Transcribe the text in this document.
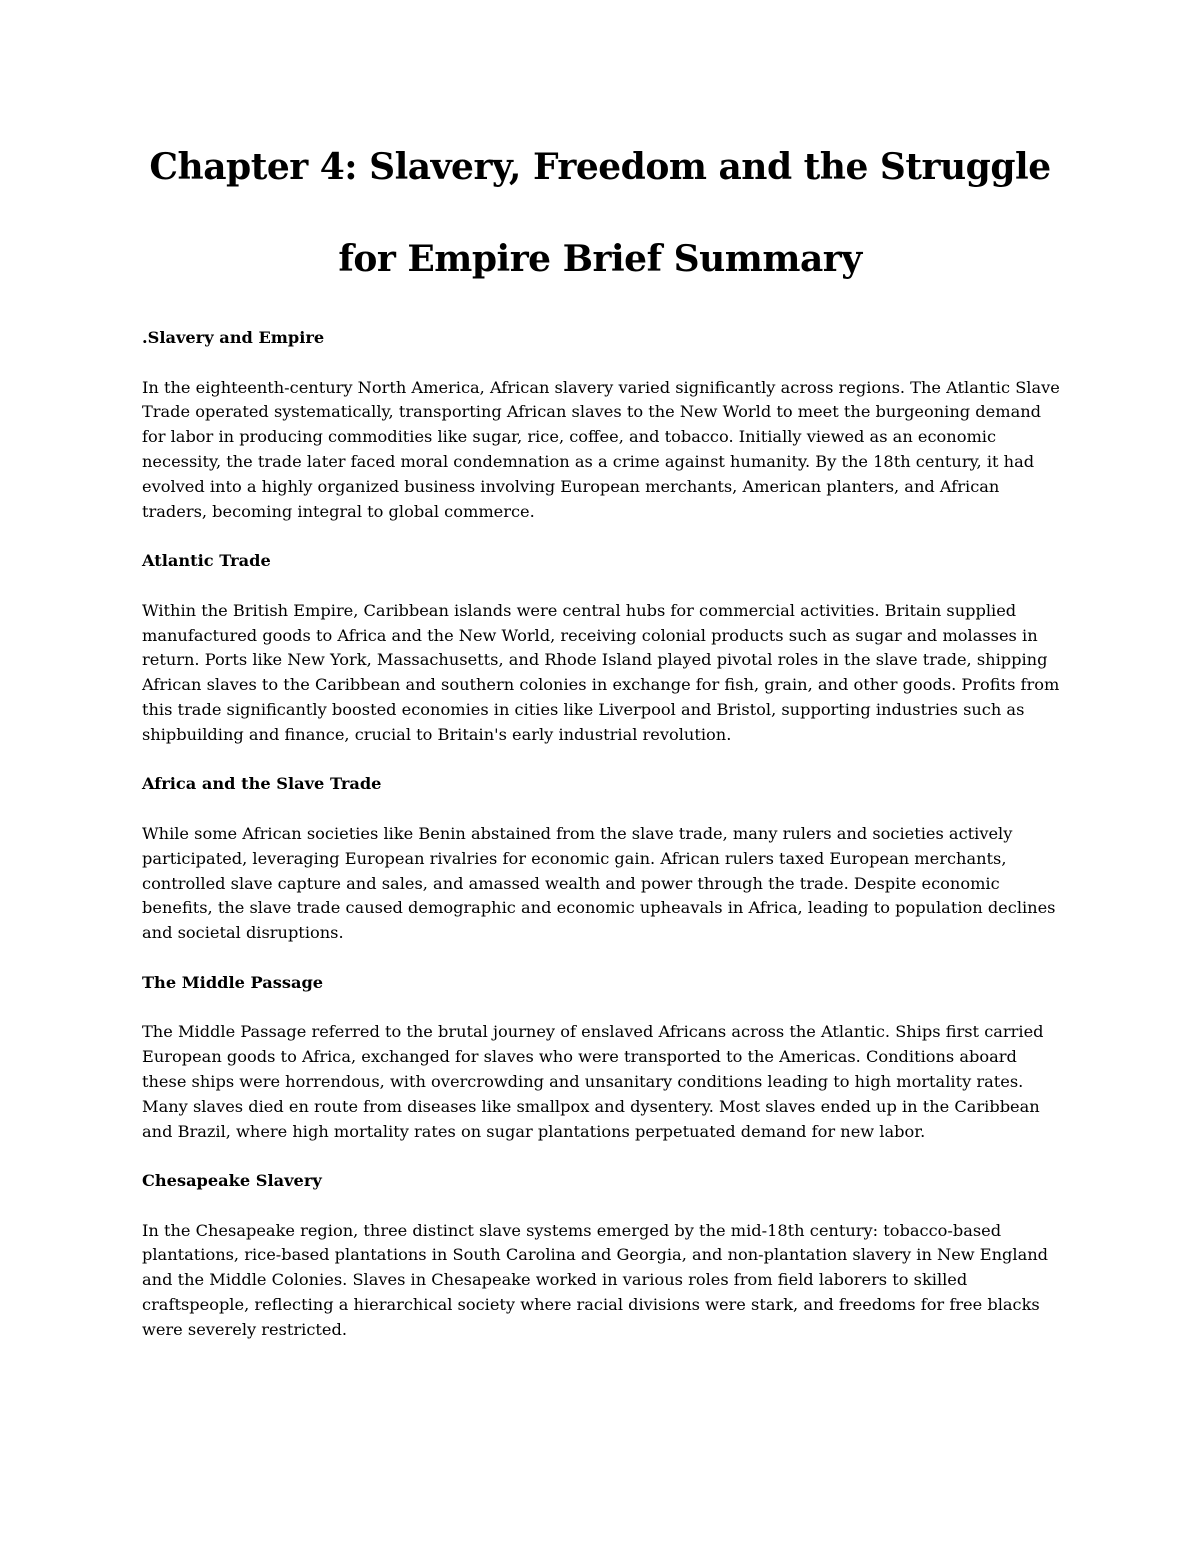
Chapter 4: Slavery, Freedom and the Struggle
for Empire Brief Summary

.Slavery and Empire

In the eighteenth-century North America, African slavery varied significantly across regions. The Atlantic Slave Trade operated systematically, transporting African slaves to the New World to meet the burgeoning demand for labor in producing commodities like sugar, rice, coffee, and tobacco. Initially viewed as an economic necessity, the trade later faced moral condemnation as a crime against humanity. By the 18th century, it had evolved into a highly organized business involving European merchants, American planters, and African traders, becoming integral to global commerce.

Atlantic Trade

Within the British Empire, Caribbean islands were central hubs for commercial activities. Britain supplied manufactured goods to Africa and the New World, receiving colonial products such as sugar and molasses in return. Ports like New York, Massachusetts, and Rhode Island played pivotal roles in the slave trade, shipping African slaves to the Caribbean and southern colonies in exchange for fish, grain, and other goods. Profits from this trade significantly boosted economies in cities like Liverpool and Bristol, supporting industries such as shipbuilding and finance, crucial to Britain's early industrial revolution.

Africa and the Slave Trade

While some African societies like Benin abstained from the slave trade, many rulers and societies actively participated, leveraging European rivalries for economic gain. African rulers taxed European merchants, controlled slave capture and sales, and amassed wealth and power through the trade. Despite economic benefits, the slave trade caused demographic and economic upheavals in Africa, leading to population declines and societal disruptions.

The Middle Passage

The Middle Passage referred to the brutal journey of enslaved Africans across the Atlantic. Ships first carried European goods to Africa, exchanged for slaves who were transported to the Americas. Conditions aboard these ships were horrendous, with overcrowding and unsanitary conditions leading to high mortality rates. Many slaves died en route from diseases like smallpox and dysentery. Most slaves ended up in the Caribbean and Brazil, where high mortality rates on sugar plantations perpetuated demand for new labor.

Chesapeake Slavery

In the Chesapeake region, three distinct slave systems emerged by the mid-18th century: tobacco-based plantations, rice-based plantations in South Carolina and Georgia, and non-plantation slavery in New England and the Middle Colonies. Slaves in Chesapeake worked in various roles from field laborers to skilled craftspeople, reflecting a hierarchical society where racial divisions were stark, and freedoms for free blacks were severely restricted.
